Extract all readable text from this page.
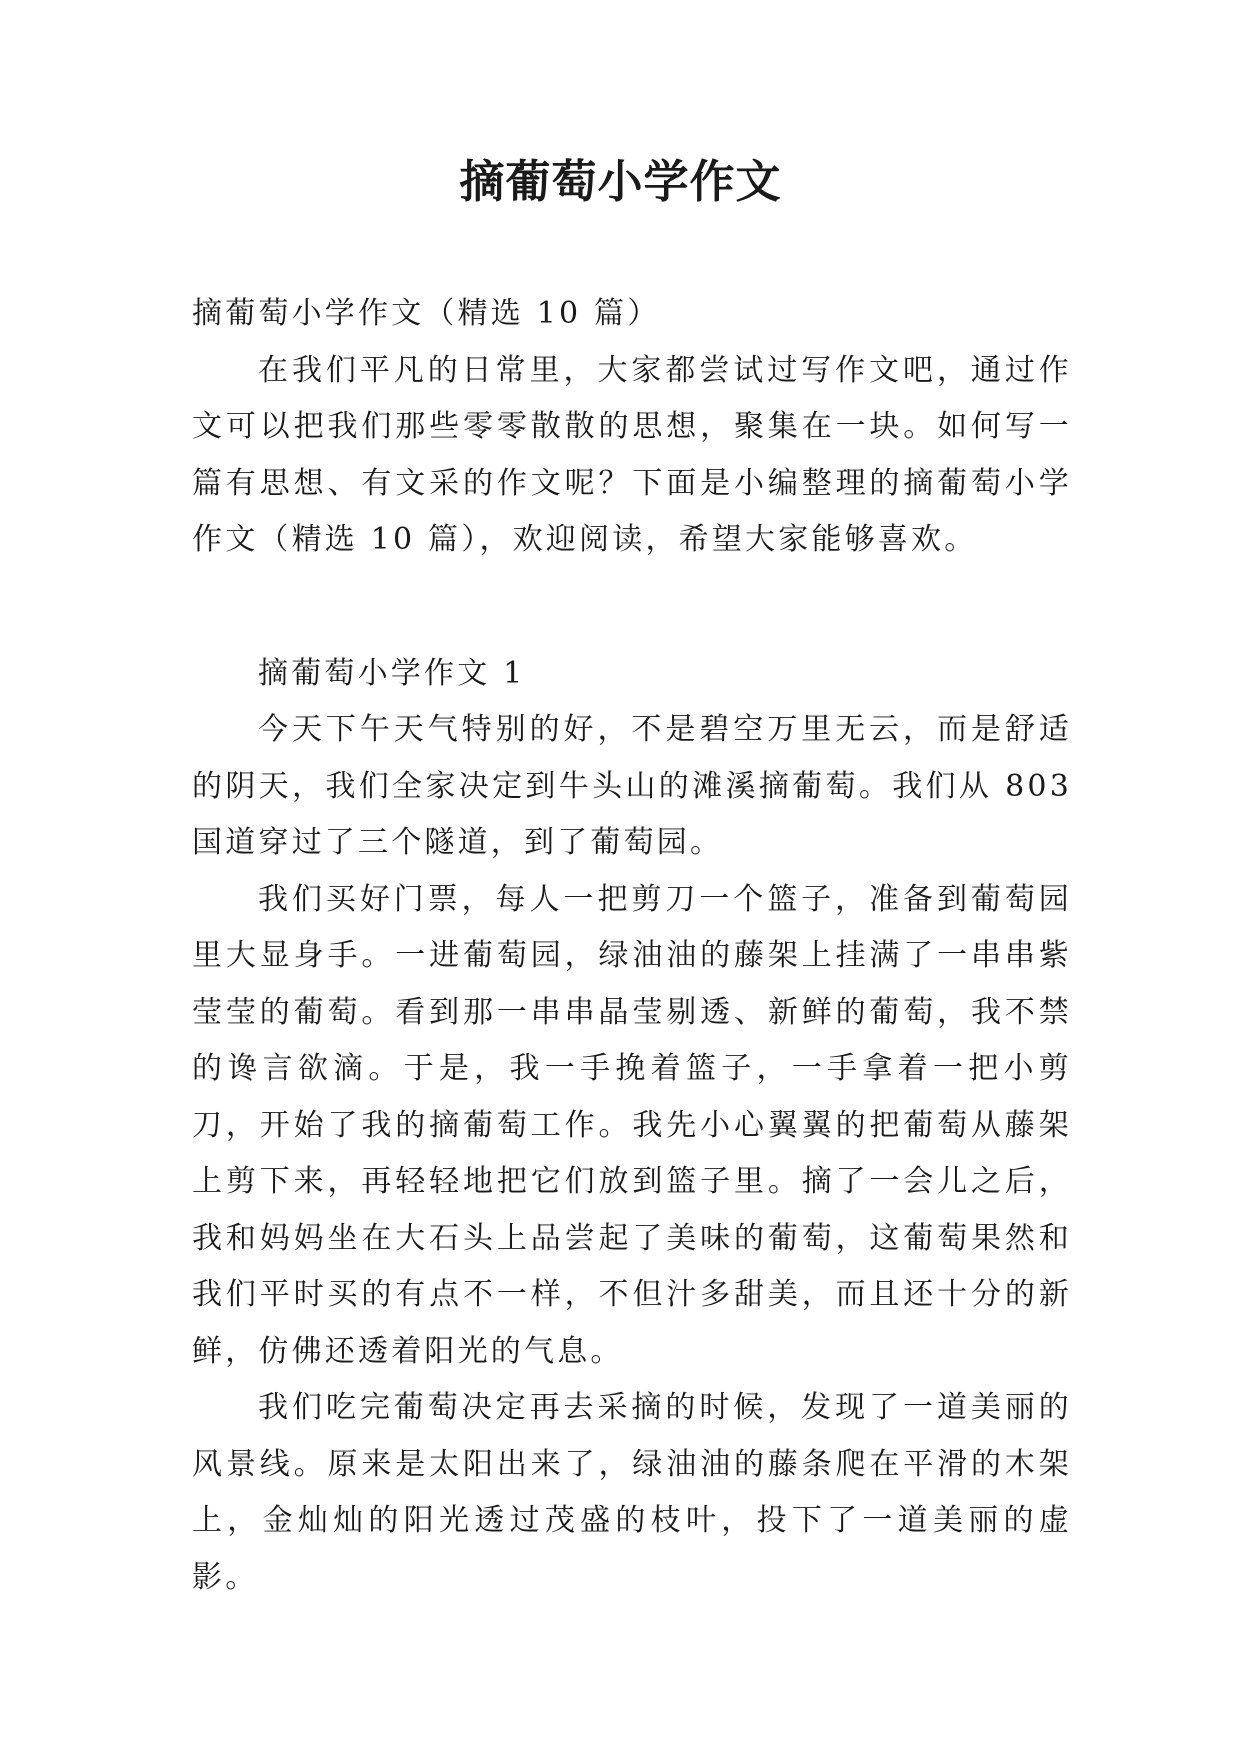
摘葡萄小学作文

摘葡萄小学作文（精选 10 篇）

在我们平凡的日常里，大家都尝试过写作文吧，通过作文可以把我们那些零零散散的思想，聚集在一块。如何写一篇有思想、有文采的作文呢？下面是小编整理的摘葡萄小学作文（精选 10 篇），欢迎阅读，希望大家能够喜欢。

摘葡萄小学作文 1

今天下午天气特别的好，不是碧空万里无云，而是舒适的阴天，我们全家决定到牛头山的滩溪摘葡萄。我们从 803 国道穿过了三个隧道，到了葡萄园。

我们买好门票，每人一把剪刀一个篮子，准备到葡萄园里大显身手。一进葡萄园，绿油油的藤架上挂满了一串串紫莹莹的葡萄。看到那一串串晶莹剔透、新鲜的葡萄，我不禁的谗言欲滴。于是，我一手挽着篮子，一手拿着一把小剪刀，开始了我的摘葡萄工作。我先小心翼翼的把葡萄从藤架上剪下来，再轻轻地把它们放到篮子里。摘了一会儿之后，我和妈妈坐在大石头上品尝起了美味的葡萄，这葡萄果然和我们平时买的有点不一样，不但汁多甜美，而且还十分的新鲜，仿佛还透着阳光的气息。

我们吃完葡萄决定再去采摘的时候，发现了一道美丽的风景线。原来是太阳出来了，绿油油的藤条爬在平滑的木架上，金灿灿的阳光透过茂盛的枝叶，投下了一道美丽的虚影。
